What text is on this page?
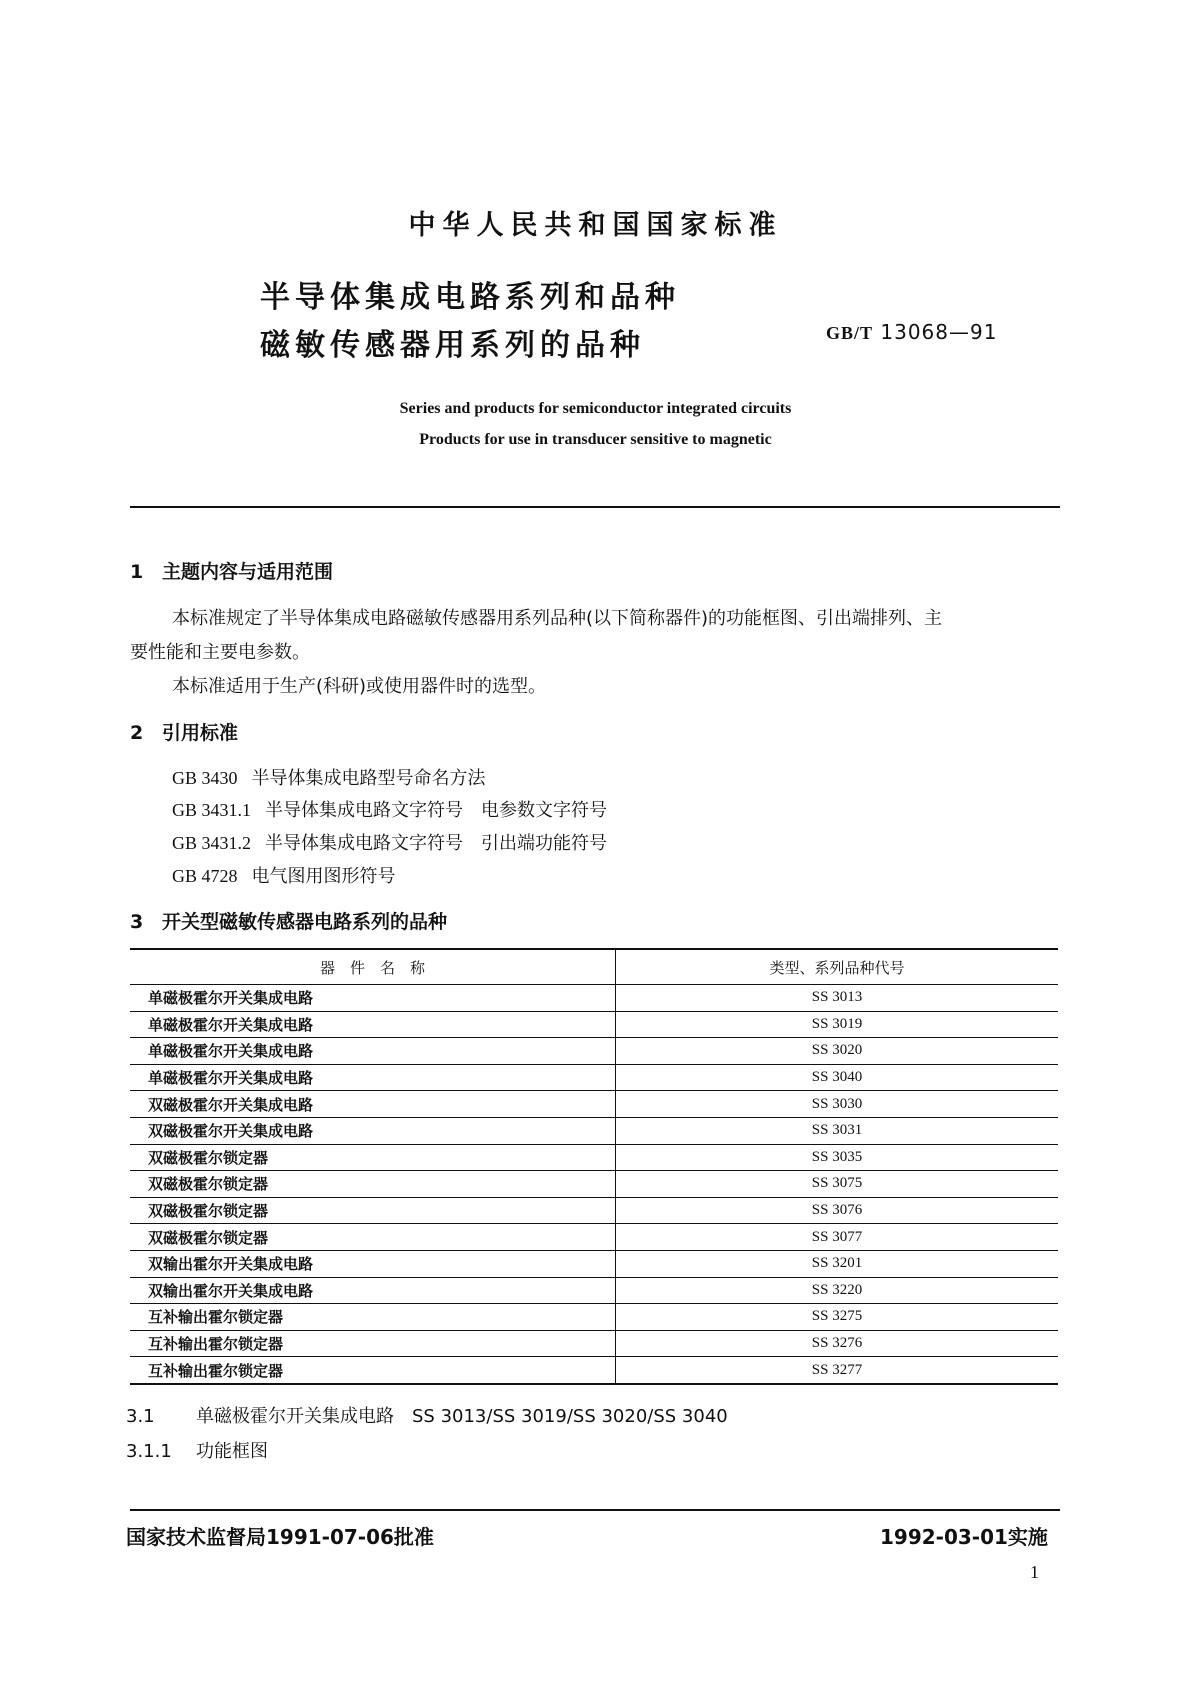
中华人民共和国国家标准
半导体集成电路系列和品种
磁敏传感器用系列的品种	GB/T 13068—91
Series and products for semiconductor integrated circuits
Products for use in transducer sensitive to magnetic
1 主题内容与适用范围
本标准规定了半导体集成电路磁敏传感器用系列品种(以下简称器件)的功能框图、引出端排列、主
要性能和主要电参数。
本标准适用于生产(科研)或使用器件时的选型。
2 引用标准
GB 3430 半导体集成电路型号命名方法
GB 3431.1 半导体集成电路文字符号　电参数文字符号
GB 3431.2 半导体集成电路文字符号　引出端功能符号
GB 4728 电气图用图形符号
3 开关型磁敏传感器电路系列的品种
器　件　名　称	类型、系列品种代号
单磁极霍尔开关集成电路	SS 3013
单磁极霍尔开关集成电路	SS 3019
单磁极霍尔开关集成电路	SS 3020
单磁极霍尔开关集成电路	SS 3040
双磁极霍尔开关集成电路	SS 3030
双磁极霍尔开关集成电路	SS 3031
双磁极霍尔锁定器	SS 3035
双磁极霍尔锁定器	SS 3075
双磁极霍尔锁定器	SS 3076
双磁极霍尔锁定器	SS 3077
双输出霍尔开关集成电路	SS 3201
双输出霍尔开关集成电路	SS 3220
互补输出霍尔锁定器	SS 3275
互补输出霍尔锁定器	SS 3276
互补输出霍尔锁定器	SS 3277
3.1 单磁极霍尔开关集成电路　SS 3013/SS 3019/SS 3020/SS 3040
3.1.1 功能框图
国家技术监督局1991-07-06批准	1992-03-01实施
1
